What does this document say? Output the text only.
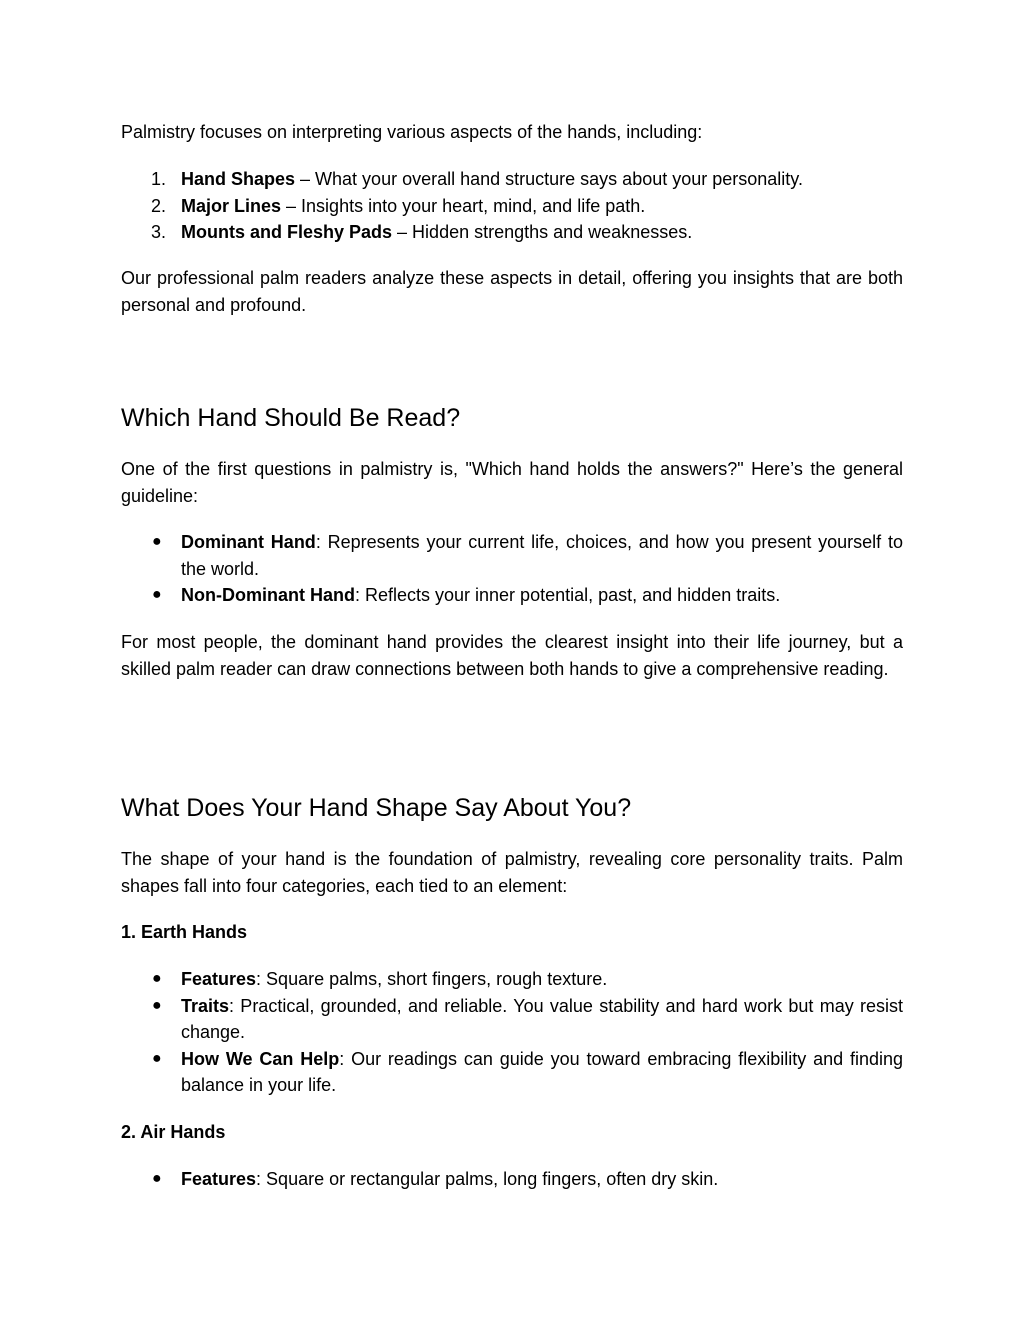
Palmistry focuses on interpreting various aspects of the hands, including:

1. Hand Shapes – What your overall hand structure says about your personality.
2. Major Lines – Insights into your heart, mind, and life path.
3. Mounts and Fleshy Pads – Hidden strengths and weaknesses.

Our professional palm readers analyze these aspects in detail, offering you insights that are both personal and profound.

Which Hand Should Be Read?

One of the first questions in palmistry is, "Which hand holds the answers?" Here’s the general guideline:

● Dominant Hand: Represents your current life, choices, and how you present yourself to the world.
● Non-Dominant Hand: Reflects your inner potential, past, and hidden traits.

For most people, the dominant hand provides the clearest insight into their life journey, but a skilled palm reader can draw connections between both hands to give a comprehensive reading.

What Does Your Hand Shape Say About You?

The shape of your hand is the foundation of palmistry, revealing core personality traits. Palm shapes fall into four categories, each tied to an element:

1. Earth Hands
● Features: Square palms, short fingers, rough texture.
● Traits: Practical, grounded, and reliable. You value stability and hard work but may resist change.
● How We Can Help: Our readings can guide you toward embracing flexibility and finding balance in your life.
2. Air Hands
● Features: Square or rectangular palms, long fingers, often dry skin.
